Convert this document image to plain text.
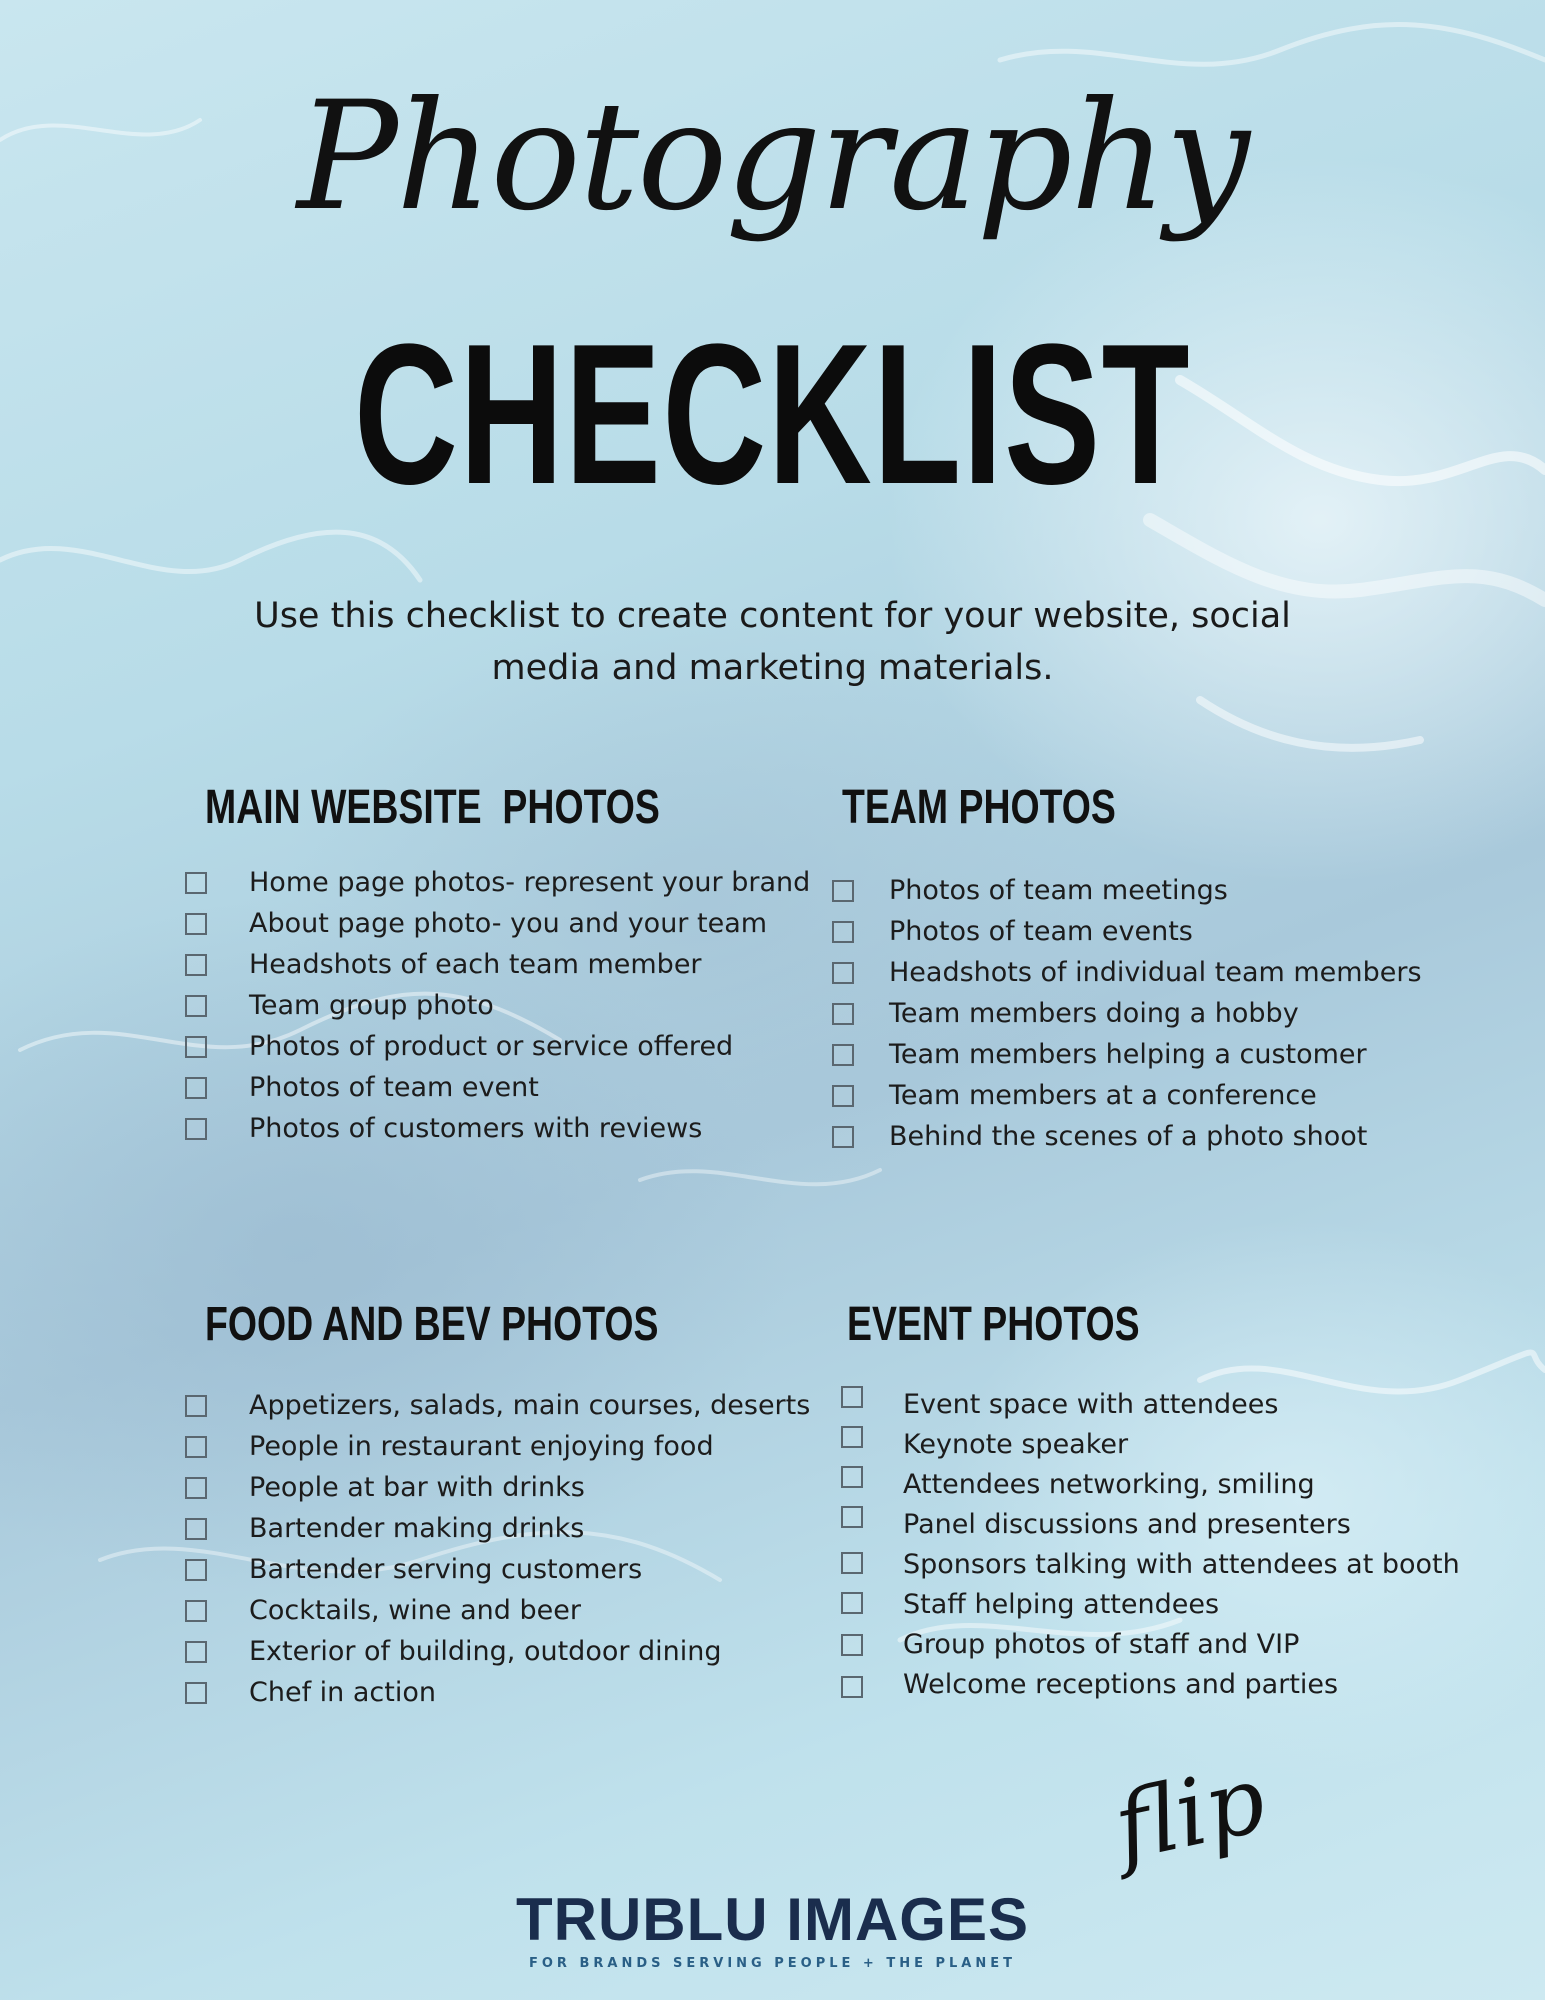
Photography
CHECKLIST
Use this checklist to create content for your website, social
media and marketing materials.
MAIN WEBSITE  PHOTOS
Home page photos- represent your brand
About page photo- you and your team
Headshots of each team member
Team group photo
Photos of product or service offered
Photos of team event
Photos of customers with reviews
TEAM PHOTOS
Photos of team meetings
Photos of team events
Headshots of individual team members
Team members doing a hobby
Team members helping a customer
Team members at a conference
Behind the scenes of a photo shoot
FOOD AND BEV PHOTOS
Appetizers, salads, main courses, deserts
People in restaurant enjoying food
People at bar with drinks
Bartender making drinks
Bartender serving customers
Cocktails, wine and beer
Exterior of building, outdoor dining
Chef in action
EVENT PHOTOS
Event space with attendees
Keynote speaker
Attendees networking, smiling
Panel discussions and presenters
Sponsors talking with attendees at booth
Staff helping attendees
Group photos of staff and VIP
Welcome receptions and parties
flip
TRUBLU IMAGES
FOR BRANDS SERVING PEOPLE + THE PLANET
